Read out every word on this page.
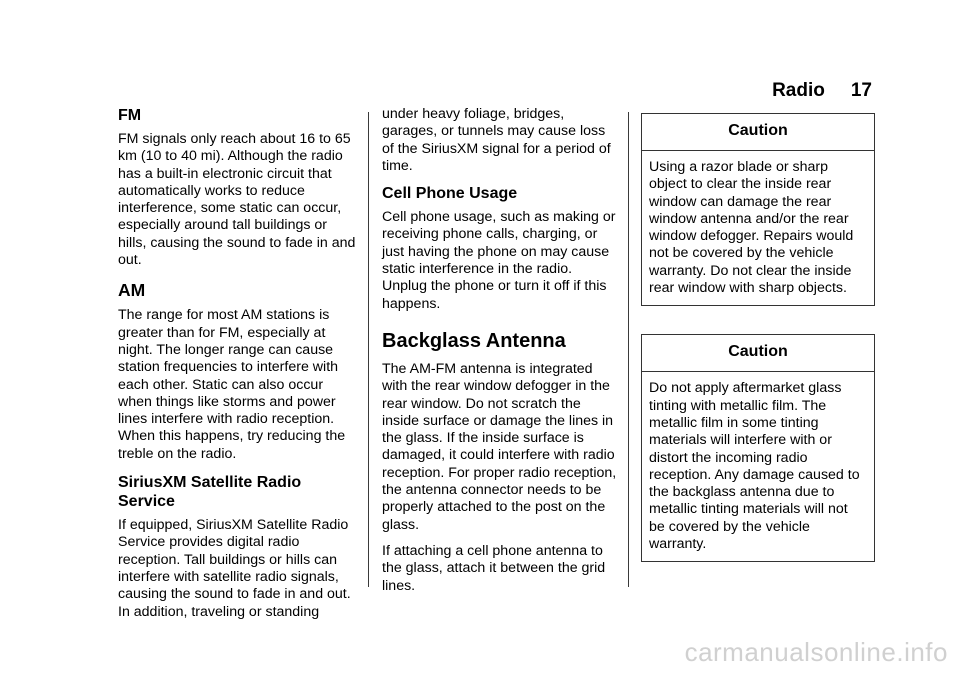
Radio 17
FM

FM signals only reach about 16 to 65 km (10 to 40 mi). Although the radio has a built-in electronic circuit that automatically works to reduce interference, some static can occur, especially around tall buildings or hills, causing the sound to fade in and out.

AM

The range for most AM stations is greater than for FM, especially at night. The longer range can cause station frequencies to interfere with each other. Static can also occur when things like storms and power lines interfere with radio reception. When this happens, try reducing the treble on the radio.

SiriusXM Satellite Radio Service

If equipped, SiriusXM Satellite Radio Service provides digital radio reception. Tall buildings or hills can interfere with satellite radio signals, causing the sound to fade in and out. In addition, traveling or standing

under heavy foliage, bridges, garages, or tunnels may cause loss of the SiriusXM signal for a period of time.

Cell Phone Usage

Cell phone usage, such as making or receiving phone calls, charging, or just having the phone on may cause static interference in the radio. Unplug the phone or turn it off if this happens.

Backglass Antenna

The AM-FM antenna is integrated with the rear window defogger in the rear window. Do not scratch the inside surface or damage the lines in the glass. If the inside surface is damaged, it could interfere with radio reception. For proper radio reception, the antenna connector needs to be properly attached to the post on the glass.

If attaching a cell phone antenna to the glass, attach it between the grid lines.

Caution
Using a razor blade or sharp object to clear the inside rear window can damage the rear window antenna and/or the rear window defogger. Repairs would not be covered by the vehicle warranty. Do not clear the inside rear window with sharp objects.
Caution
Do not apply aftermarket glass tinting with metallic film. The metallic film in some tinting materials will interfere with or distort the incoming radio reception. Any damage caused to the backglass antenna due to metallic tinting materials will not be covered by the vehicle warranty.
carmanualsonline.info
